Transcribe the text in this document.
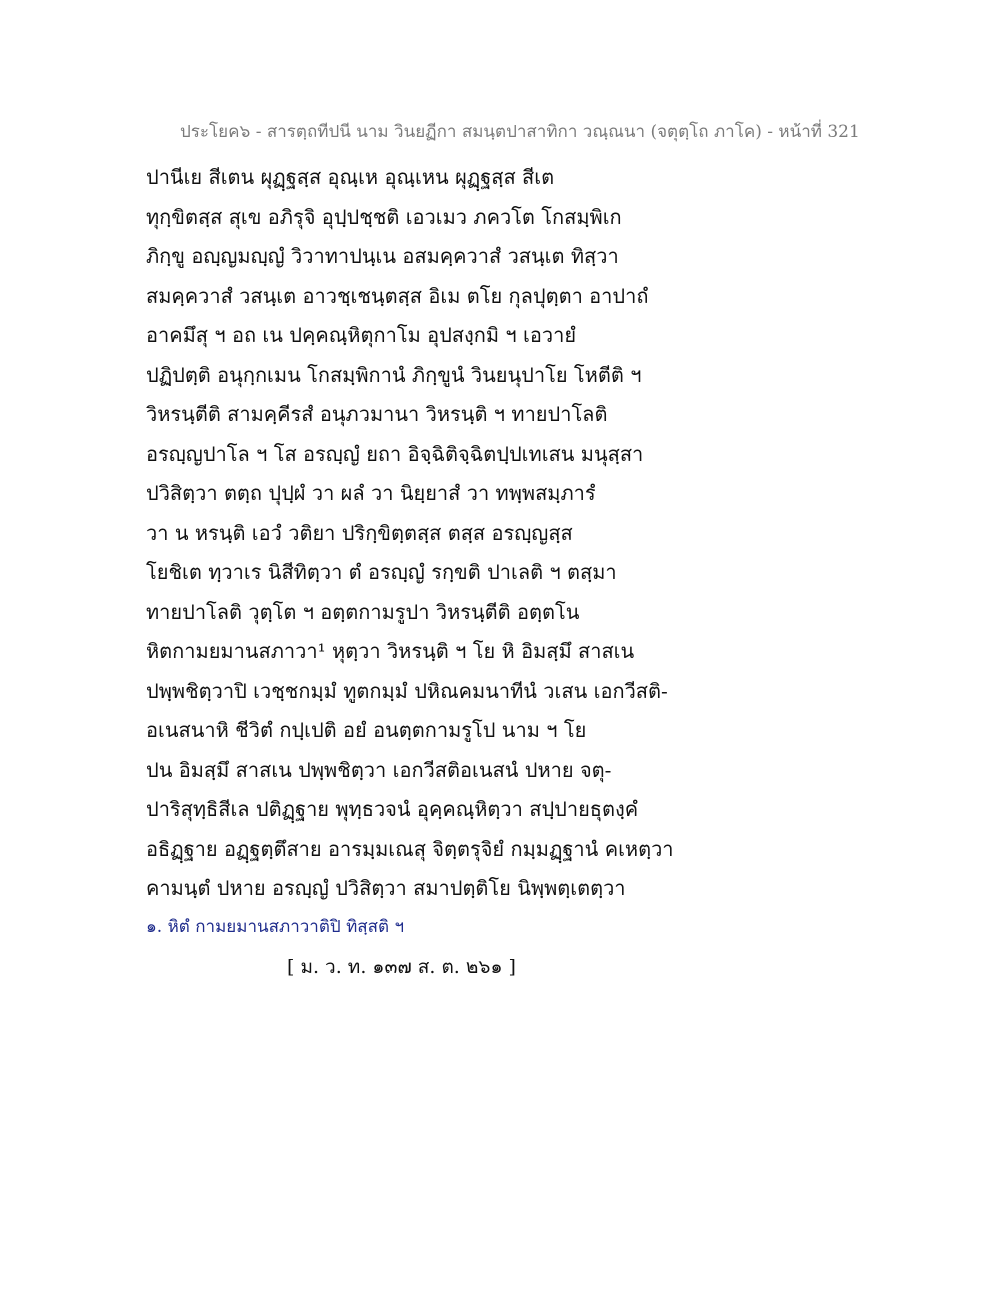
ประโยค๖ - สารตฺถทีปนี นาม วินยฏีกา สมนฺตปาสาทิกา วณฺณนา (จตุตฺโถ ภาโค) - หน้าที่ 321
ปานีเย สีเตน ผุฏฺฐสฺส อุณฺเห อุณฺเหน ผุฏฺฐสฺส สีเต
ทุกฺขิตสฺส สุเข อภิรุจิ อุปฺปชฺชติ เอวเมว ภควโต โกสมฺพิเก
ภิกฺขู อญฺญมญฺญํ วิวาทาปนฺเน อสมคฺควาสํ วสนฺเต ทิสฺวา
สมคฺควาสํ วสนฺเต อาวชฺเชนฺตสฺส อิเม ตโย กุลปุตฺตา อาปาถํ
อาคมึสุ ฯ อถ เน ปคฺคณฺหิตุกาโม อุปสงฺกมิ ฯ เอวายํ
ปฏิปตฺติ อนุกฺกเมน โกสมฺพิกานํ ภิกฺขูนํ วินยนุปาโย โหตีติ ฯ
วิหรนฺตีติ สามคฺคีรสํ อนุภวมานา วิหรนฺติ ฯ ทายปาโลติ
อรญฺญปาโล ฯ โส อรญฺญํ ยถา อิจฺฉิติจฺฉิตปฺปเทเสน มนุสฺสา
ปวิสิตฺวา ตตฺถ ปุปฺผํ วา ผลํ วา นิยฺยาสํ วา ทพฺพสมฺภารํ
วา น หรนฺติ เอวํ วติยา ปริกฺขิตฺตสฺส ตสฺส อรญฺญสฺส
โยชิเต ทฺวาเร นิสีทิตฺวา ตํ อรญฺญํ รกฺขติ ปาเลติ ฯ ตสฺมา
ทายปาโลติ วุตฺโต ฯ อตฺตกามรูปา วิหรนฺตีติ อตฺตโน
หิตกามยมานสภาวา¹ หุตฺวา วิหรนฺติ ฯ โย หิ อิมสฺมึ สาสเน
ปพฺพชิตฺวาปิ เวชฺชกมฺมํ ทูตกมฺมํ ปหิณคมนาทีนํ วเสน เอกวีสติ-
อเนสนาหิ ชีวิตํ กปฺเปติ อยํ อนตฺตกามรูโป นาม ฯ โย
ปน อิมสฺมึ สาสเน ปพฺพชิตฺวา เอกวีสติอเนสนํ ปหาย จตุ-
ปาริสุทฺธิสีเล ปติฏฺฐาย พุทฺธวจนํ อุคฺคณฺหิตฺวา สปฺปายธุตงฺคํ
อธิฏฺฐาย อฏฺฐตฺตึสาย อารมฺมเณสุ จิตฺตรุจิยํ กมฺมฏฺฐานํ คเหตฺวา
คามนฺตํ ปหาย อรญฺญํ ปวิสิตฺวา สมาปตฺติโย นิพฺพตฺเตตฺวา
๑. หิตํ กามยมานสภาวาติปิ ทิสฺสติ ฯ
[ ม. ว. ท. ๑๓๗ ส. ต. ๒๖๑ ]
